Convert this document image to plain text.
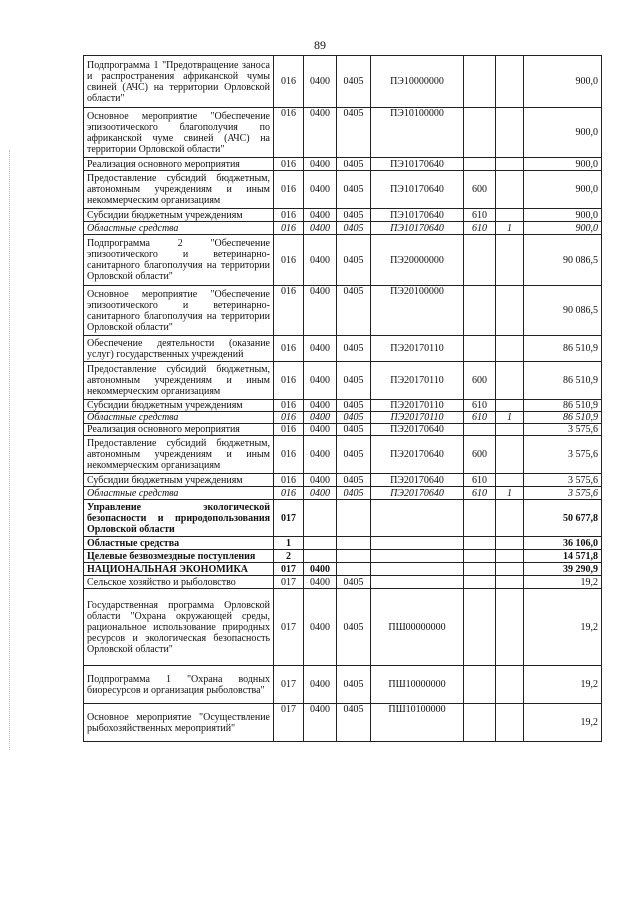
89
Подпрограмма 1 "Предотвращение заноса и распространения африканской чумы свиней (АЧС) на территории Орловской области"	016	0400	0405	ПЭ10000000			900,0
Основное мероприятие "Обеспечение эпизоотического благополучия по африканской чуме свиней (АЧС) на территории Орловской области"	016	0400	0405	ПЭ10100000			900,0
Реализация основного мероприятия	016	0400	0405	ПЭ10170640			900,0
Предоставление субсидий бюджетным, автономным учреждениям и иным некоммерческим организациям	016	0400	0405	ПЭ10170640	600		900,0
Субсидии бюджетным учреждениям	016	0400	0405	ПЭ10170640	610		900,0
Областные средства	016	0400	0405	ПЭ10170640	610	1	900,0
Подпрограмма 2 "Обеспечение эпизоотического и ветеринарно-санитарного благополучия на территории Орловской области"	016	0400	0405	ПЭ20000000			90 086,5
Основное мероприятие "Обеспечение эпизоотического и ветеринарно-санитарного благополучия на территории Орловской области"	016	0400	0405	ПЭ20100000			90 086,5
Обеспечение деятельности (оказание услуг) государственных учреждений	016	0400	0405	ПЭ20170110			86 510,9
Предоставление субсидий бюджетным, автономным учреждениям и иным некоммерческим организациям	016	0400	0405	ПЭ20170110	600		86 510,9
Субсидии бюджетным учреждениям	016	0400	0405	ПЭ20170110	610		86 510,9
Областные средства	016	0400	0405	ПЭ20170110	610	1	86 510,9
Реализация основного мероприятия	016	0400	0405	ПЭ20170640			3 575,6
Предоставление субсидий бюджетным, автономным учреждениям и иным некоммерческим организациям	016	0400	0405	ПЭ20170640	600		3 575,6
Субсидии бюджетным учреждениям	016	0400	0405	ПЭ20170640	610		3 575,6
Областные средства	016	0400	0405	ПЭ20170640	610	1	3 575,6
Управление экологической безопасности и природопользования Орловской области	017						50 677,8
Областные средства	1						36 106,0
Целевые безвозмездные поступления	2						14 571,8
НАЦИОНАЛЬНАЯ ЭКОНОМИКА	017	0400					39 290,9
Сельское хозяйство и рыболовство	017	0400	0405				19,2
Государственная программа Орловской области "Охрана окружающей среды, рациональное использование природных ресурсов и экологическая безопасность Орловской области"	017	0400	0405	ПШ00000000			19,2
Подпрограмма 1 "Охрана водных биоресурсов и организация рыболовства"	017	0400	0405	ПШ10000000			19,2
Основное мероприятие "Осуществление рыбохозяйственных мероприятий"	017	0400	0405	ПШ10100000			19,2
